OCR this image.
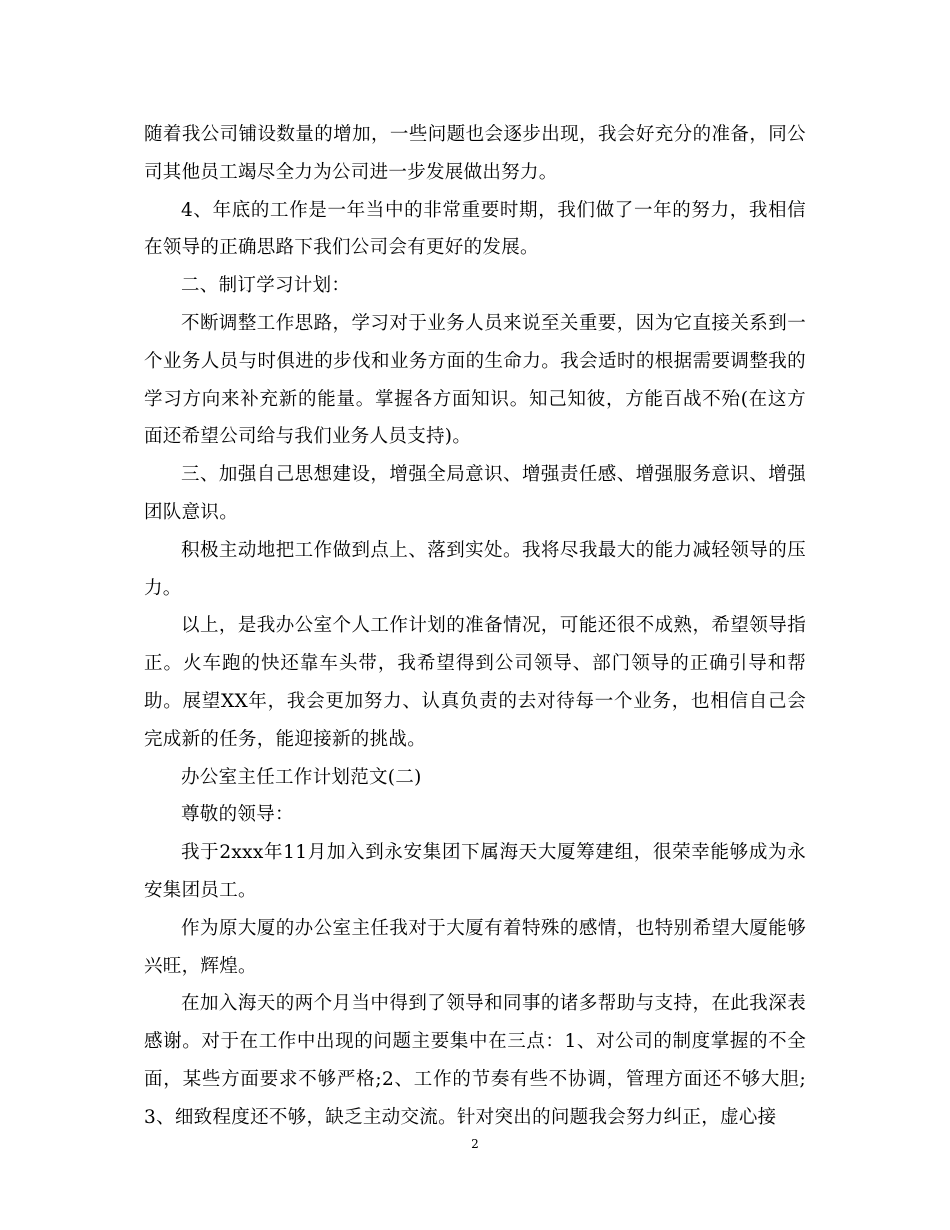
随着我公司铺设数量的增加，一些问题也会逐步出现，我会好充分的准备，同公司其他员工竭尽全力为公司进一步发展做出努力。

4、年底的工作是一年当中的非常重要时期，我们做了一年的努力，我相信在领导的正确思路下我们公司会有更好的发展。

二、制订学习计划：

不断调整工作思路，学习对于业务人员来说至关重要，因为它直接关系到一个业务人员与时俱进的步伐和业务方面的生命力。我会适时的根据需要调整我的学习方向来补充新的能量。掌握各方面知识。知己知彼，方能百战不殆(在这方面还希望公司给与我们业务人员支持)。

三、加强自己思想建设，增强全局意识、增强责任感、增强服务意识、增强团队意识。

积极主动地把工作做到点上、落到实处。我将尽我最大的能力减轻领导的压力。

以上，是我办公室个人工作计划的准备情况，可能还很不成熟，希望领导指正。火车跑的快还靠车头带，我希望得到公司领导、部门领导的正确引导和帮助。展望XX年，我会更加努力、认真负责的去对待每一个业务，也相信自己会完成新的任务，能迎接新的挑战。

办公室主任工作计划范文(二)

尊敬的领导：

我于2xxx年11月加入到永安集团下属海天大厦筹建组，很荣幸能够成为永安集团员工。

作为原大厦的办公室主任我对于大厦有着特殊的感情，也特别希望大厦能够兴旺，辉煌。

在加入海天的两个月当中得到了领导和同事的诸多帮助与支持，在此我深表感谢。对于在工作中出现的问题主要集中在三点：1、对公司的制度掌握的不全面，某些方面要求不够严格;2、工作的节奏有些不协调，管理方面还不够大胆;3、细致程度还不够，缺乏主动交流。针对突出的问题我会努力纠正，虚心接

2
